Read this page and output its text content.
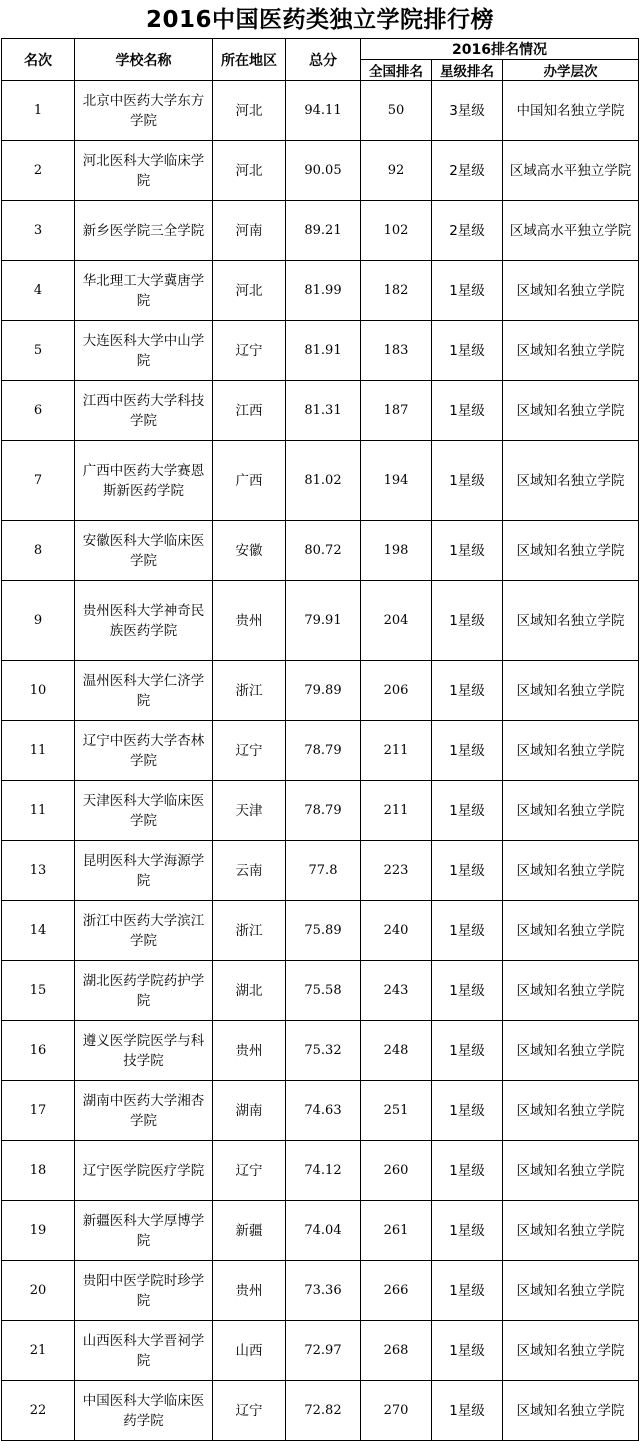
2016中国医药类独立学院排行榜
名次	学校名称	所在地区	总分	2016排名情况		
				全国排名	星级排名	办学层次
1	北京中医药大学东方学院	河北	94.11	50	3星级	中国知名独立学院
2	河北医科大学临床学院	河北	90.05	92	2星级	区域高水平独立学院
3	新乡医学院三全学院	河南	89.21	102	2星级	区域高水平独立学院
4	华北理工大学冀唐学院	河北	81.99	182	1星级	区域知名独立学院
5	大连医科大学中山学院	辽宁	81.91	183	1星级	区域知名独立学院
6	江西中医药大学科技学院	江西	81.31	187	1星级	区域知名独立学院
7	广西中医药大学赛恩斯新医药学院	广西	81.02	194	1星级	区域知名独立学院
8	安徽医科大学临床医学院	安徽	80.72	198	1星级	区域知名独立学院
9	贵州医科大学神奇民族医药学院	贵州	79.91	204	1星级	区域知名独立学院
10	温州医科大学仁济学院	浙江	79.89	206	1星级	区域知名独立学院
11	辽宁中医药大学杏林学院	辽宁	78.79	211	1星级	区域知名独立学院
11	天津医科大学临床医学院	天津	78.79	211	1星级	区域知名独立学院
13	昆明医科大学海源学院	云南	77.8	223	1星级	区域知名独立学院
14	浙江中医药大学滨江学院	浙江	75.89	240	1星级	区域知名独立学院
15	湖北医药学院药护学院	湖北	75.58	243	1星级	区域知名独立学院
16	遵义医学院医学与科技学院	贵州	75.32	248	1星级	区域知名独立学院
17	湖南中医药大学湘杏学院	湖南	74.63	251	1星级	区域知名独立学院
18	辽宁医学院医疗学院	辽宁	74.12	260	1星级	区域知名独立学院
19	新疆医科大学厚博学院	新疆	74.04	261	1星级	区域知名独立学院
20	贵阳中医学院时珍学院	贵州	73.36	266	1星级	区域知名独立学院
21	山西医科大学晋祠学院	山西	72.97	268	1星级	区域知名独立学院
22	中国医科大学临床医药学院	辽宁	72.82	270	1星级	区域知名独立学院
